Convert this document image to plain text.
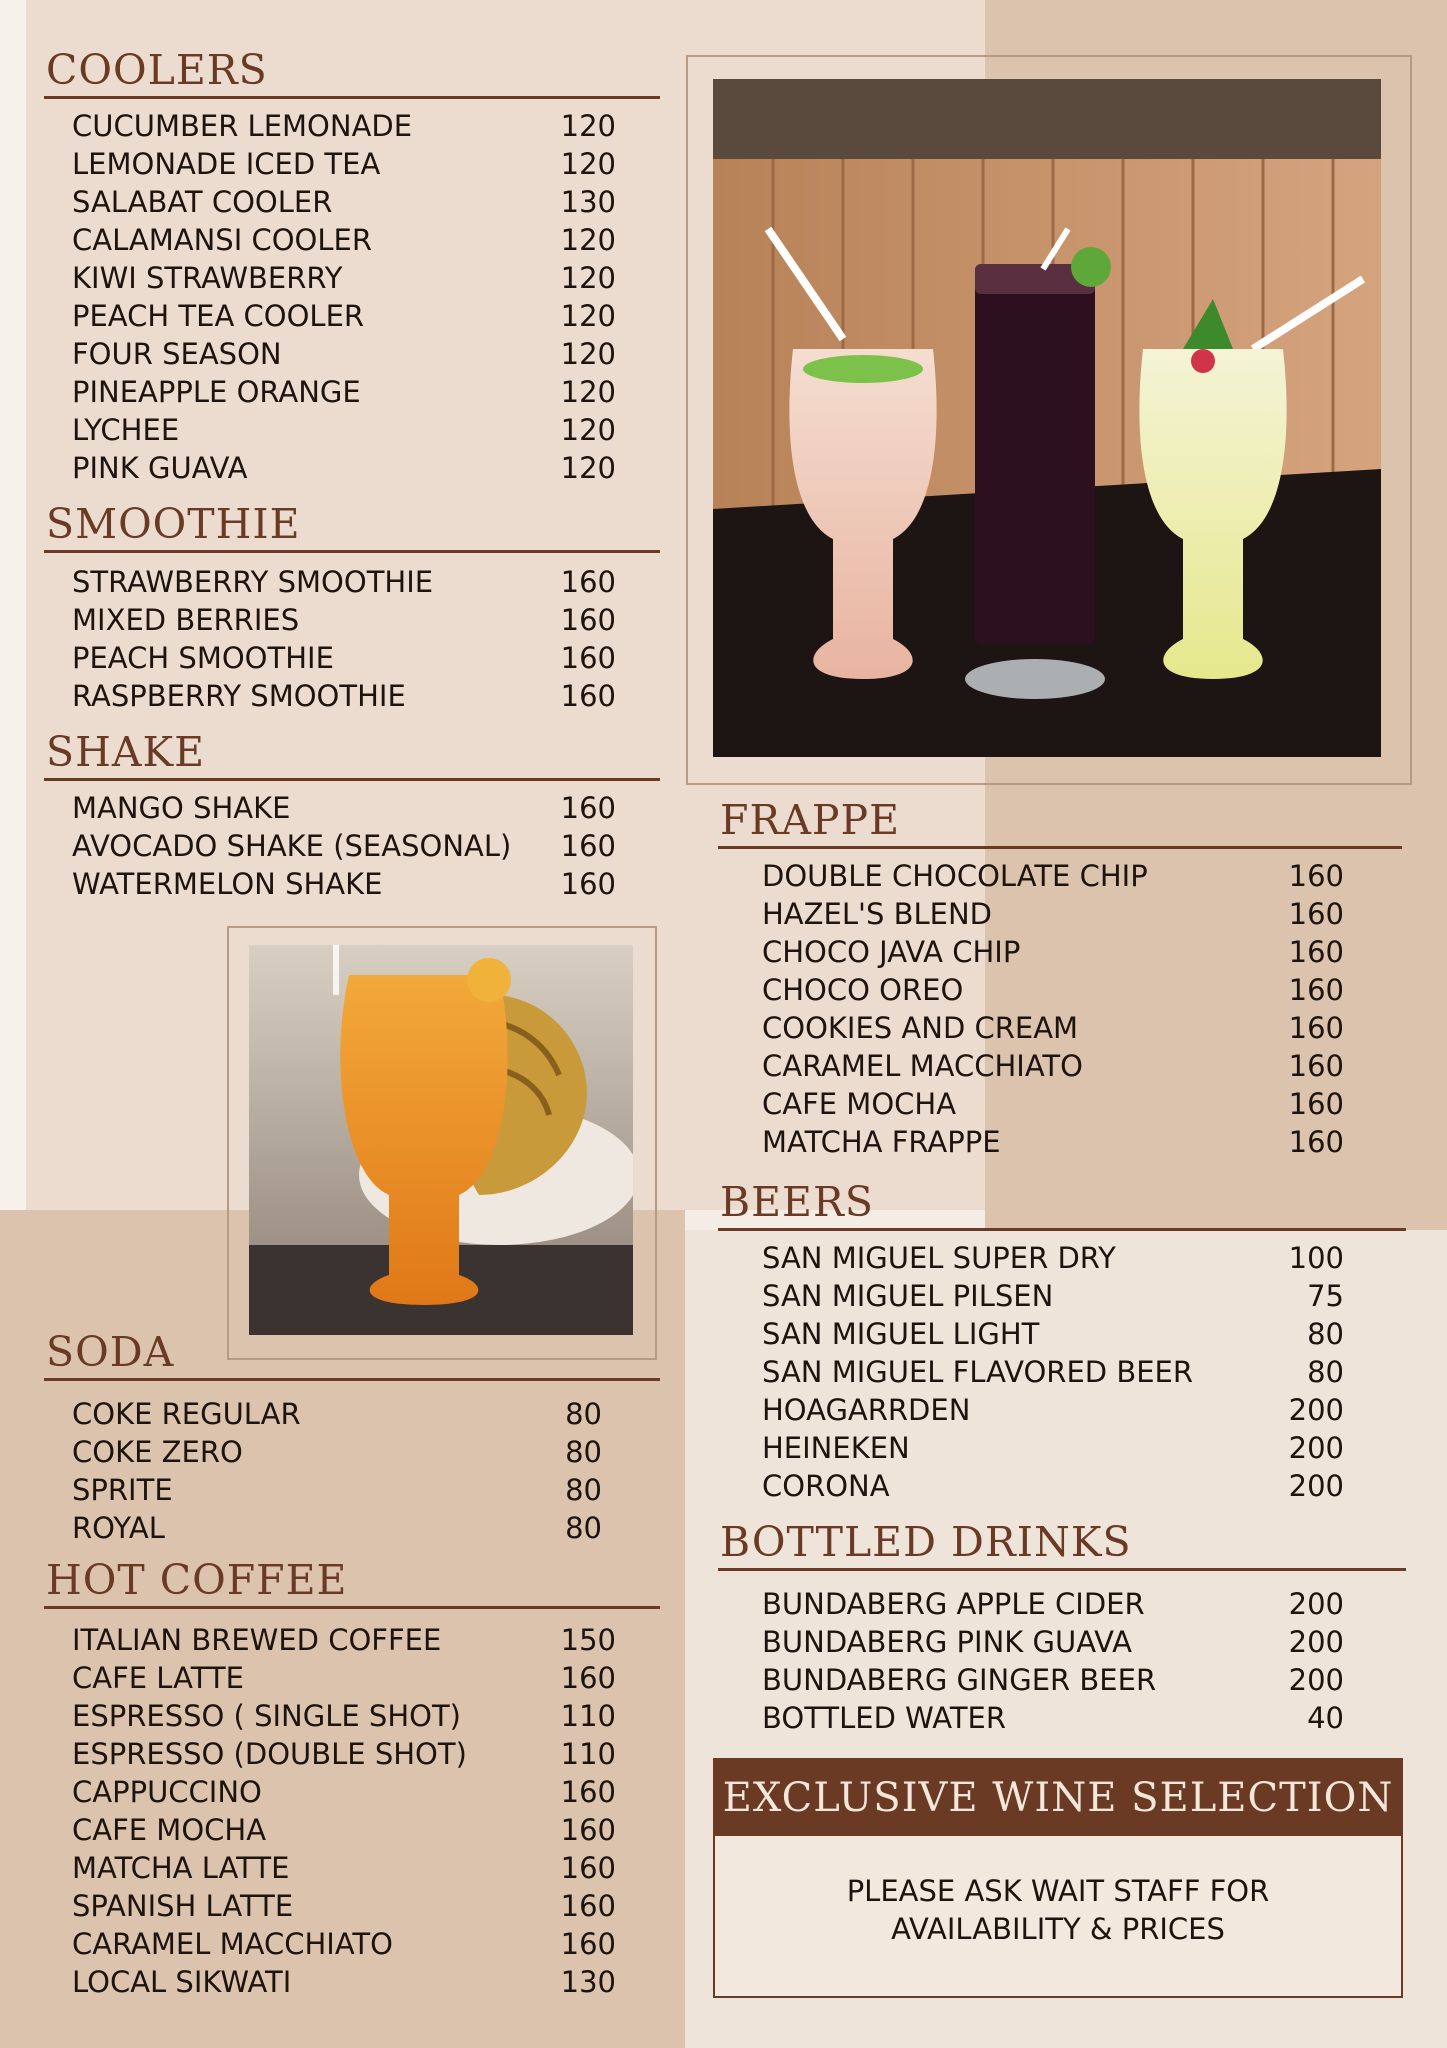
COOLERS
CUCUMBER LEMONADE	120
LEMONADE ICED TEA	120
SALABAT COOLER	130
CALAMANSI COOLER	120
KIWI STRAWBERRY	120
PEACH TEA COOLER	120
FOUR SEASON	120
PINEAPPLE ORANGE	120
LYCHEE	120
PINK GUAVA	120
SMOOTHIE
STRAWBERRY SMOOTHIE	160
MIXED BERRIES	160
PEACH SMOOTHIE	160
RASPBERRY SMOOTHIE	160
SHAKE
MANGO SHAKE	160
AVOCADO SHAKE (SEASONAL) 160
WATERMELON SHAKE	160
SODA
COKE REGULAR	80
COKE ZERO	80
SPRITE	80
ROYAL	80
HOT COFFEE
ITALIAN BREWED COFFEE	150
CAFE LATTE	160
ESPRESSO ( SINGLE SHOT)	110
ESPRESSO (DOUBLE SHOT)	110
CAPPUCCINO	160
CAFE MOCHA	160
MATCHA LATTE	160
SPANISH LATTE	160
CARAMEL MACCHIATO	160
LOCAL SIKWATI	130
FRAPPE
DOUBLE CHOCOLATE CHIP	160
HAZEL'S BLEND	160
CHOCO JAVA CHIP	160
CHOCO OREO	160
COOKIES AND CREAM	160
CARAMEL MACCHIATO	160
CAFE MOCHA	160
MATCHA FRAPPE	160
BEERS
SAN MIGUEL SUPER DRY	100
SAN MIGUEL PILSEN	75
SAN MIGUEL LIGHT	80
SAN MIGUEL FLAVORED BEER	80
HOAGARRDEN	200
HEINEKEN	200
CORONA	200
BOTTLED DRINKS
BUNDABERG APPLE CIDER	200
BUNDABERG PINK GUAVA	200
BUNDABERG GINGER BEER	200
BOTTLED WATER	40
EXCLUSIVE WINE SELECTION
PLEASE ASK WAIT STAFF FOR
AVAILABILITY & PRICES
